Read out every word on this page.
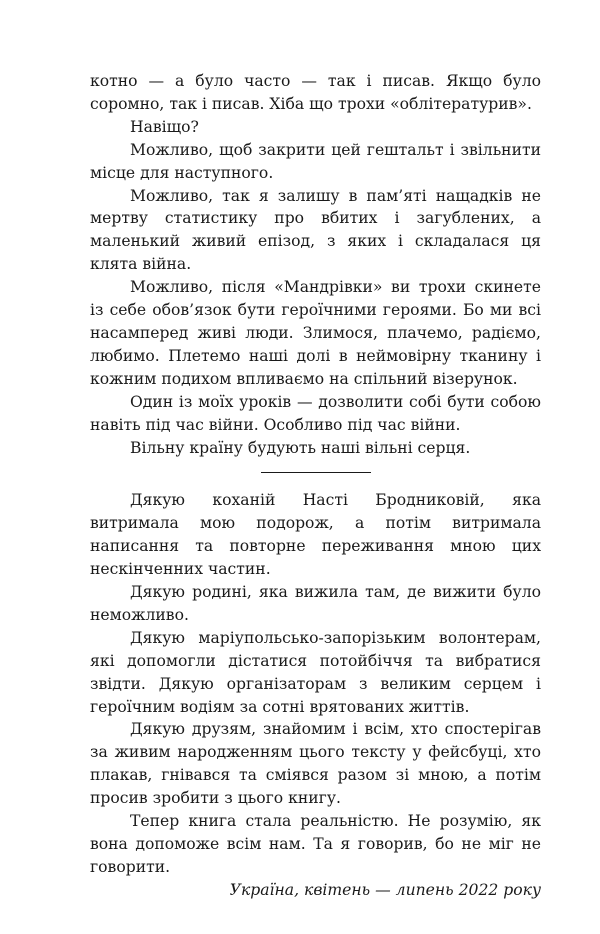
котно — а було часто — так і писав. Якщо було соромно, так і писав. Хіба що трохи «облітературив».

Навіщо?

Можливо, щоб закрити цей гештальт і звільнити місце для наступного.

Можливо, так я залишу в пам’яті нащадків не мертву статистику про вбитих і загублених, а маленький живий епізод, з яких і складалася ця клята війна.

Можливо, після «Мандрівки» ви трохи скинете із себе обов’язок бути героїчними героями. Бо ми всі насамперед живі люди. Злимося, плачемо, радіємо, любимо. Плетемо наші долі в неймовірну тканину і кожним подихом впливаємо на спільний візерунок.

Один із моїх уроків — дозволити собі бути собою навіть під час війни. Особливо під час війни.

Вільну країну будують наші вільні серця.

Дякую коханій Насті Бродниковій, яка витримала мою подорож, а потім витримала написання та повторне переживання мною цих нескінченних частин.

Дякую родині, яка вижила там, де вижити було неможливо.

Дякую маріупольсько-запорізьким волонтерам, які допомогли дістатися потойбіччя та вибратися звідти. Дякую організаторам з великим серцем і героїчним водіям за сотні врятованих життів.

Дякую друзям, знайомим і всім, хто спостерігав за живим народженням цього тексту у фейсбуці, хто плакав, гнівався та сміявся разом зі мною, а потім просив зробити з цього книгу.

Тепер книга стала реальністю. Не розумію, як вона допоможе всім нам. Та я говорив, бо не міг не говорити.

Україна, квітень — липень 2022 року
